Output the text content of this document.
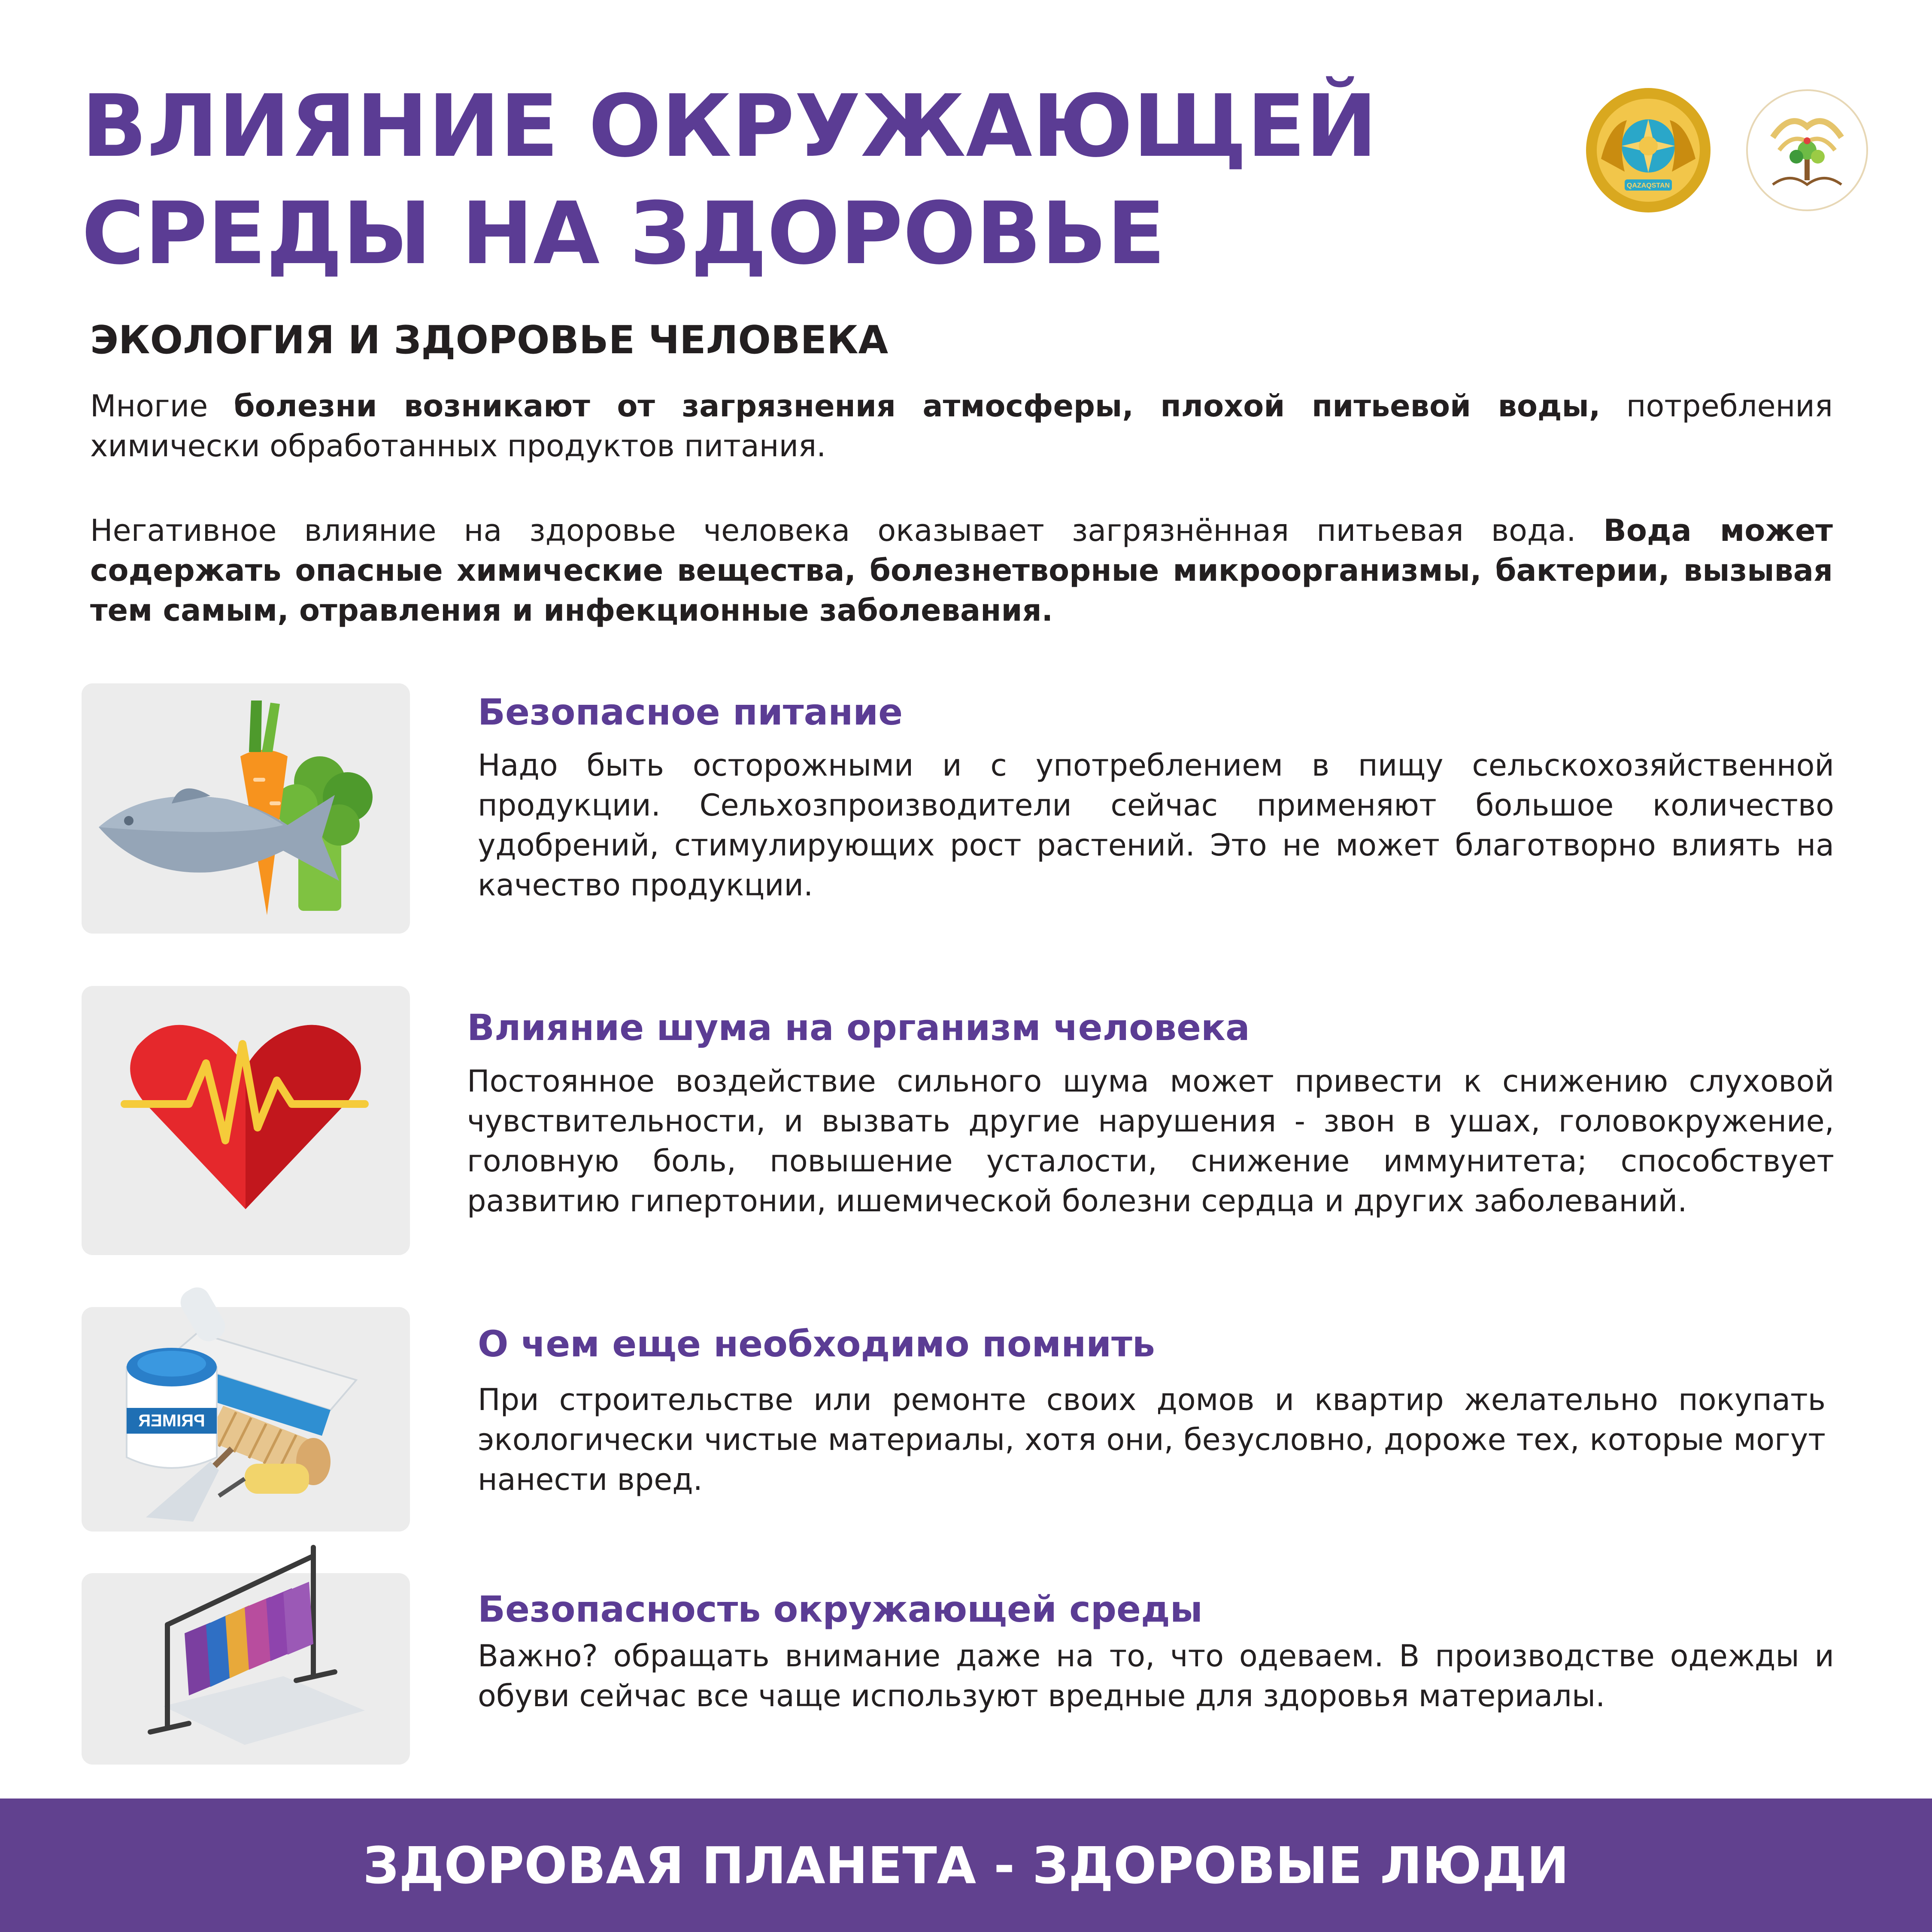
ВЛИЯНИЕ ОКРУЖАЮЩЕЙ
СРЕДЫ НА ЗДОРОВЬЕ	QAZAQSTAN
ЭКОЛОГИЯ И ЗДОРОВЬЕ ЧЕЛОВЕКА

Многие болезни возникают от загрязнения атмосферы, плохой питьевой воды, потребления химически обработанных продуктов питания.

Негативное влияние на здоровье человека оказывает загрязнённая питьевая вода. Вода может содержать опасные химические вещества, болезнетворные микроорганизмы, бактерии, вызывая тем самым, отравления и инфекционные заболевания.

Безопасное питание

Надо быть осторожными и с употреблением в пищу сельскохозяйственной продукции. Сельхозпроизводители сейчас применяют большое количество удобрений, стимулирующих рост растений. Это не может благотворно влиять на качество продукции.

Влияние шума на организм человека

Постоянное воздействие сильного шума может привести к снижению слуховой чувствительности, и вызвать другие нарушения - звон в ушах, головокружение, головную боль, повышение усталости, снижение иммунитета; способствует развитию гипертонии, ишемической болезни сердца и других заболеваний.

PRIMER
О чем еще необходимо помнить

При строительстве или ремонте своих домов и квартир желательно покупать экологически чистые материалы, хотя они, безусловно, дороже тех, которые могут нанести вред.

Безопасность окружающей среды

Важно? обращать внимание даже на то, что одеваем. В производстве одежды и обуви сейчас все чаще используют вредные для здоровья материалы.

ЗДОРОВАЯ ПЛАНЕТА - ЗДОРОВЫЕ ЛЮДИ
